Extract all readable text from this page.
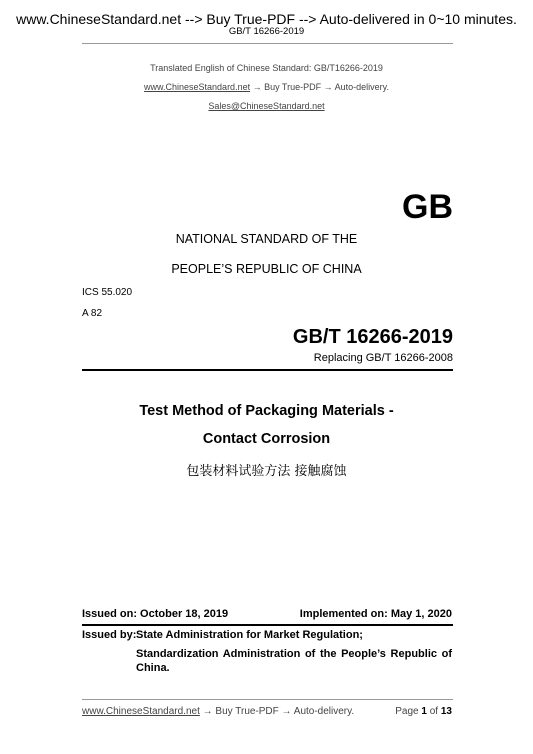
www.ChineseStandard.net --> Buy True-PDF --> Auto-delivered in 0~10 minutes.
GB/T 16266-2019
Translated English of Chinese Standard: GB/T16266-2019
www.ChineseStandard.net → Buy True-PDF → Auto-delivery.
Sales@ChineseStandard.net
GB
NATIONAL STANDARD OF THE
PEOPLE’S REPUBLIC OF CHINA
ICS 55.020
A 82
GB/T 16266-2019
Replacing GB/T 16266-2008
Test Method of Packaging Materials -
Contact Corrosion
包装材料试验方法 接触腐蚀
Issued on: October 18, 2019	Implemented on: May 1, 2020
Issued by: State Administration for Market Regulation;
Standardization Administration of the People’s Republic of
China.
www.ChineseStandard.net → Buy True-PDF → Auto-delivery.	Page 1 of 13
